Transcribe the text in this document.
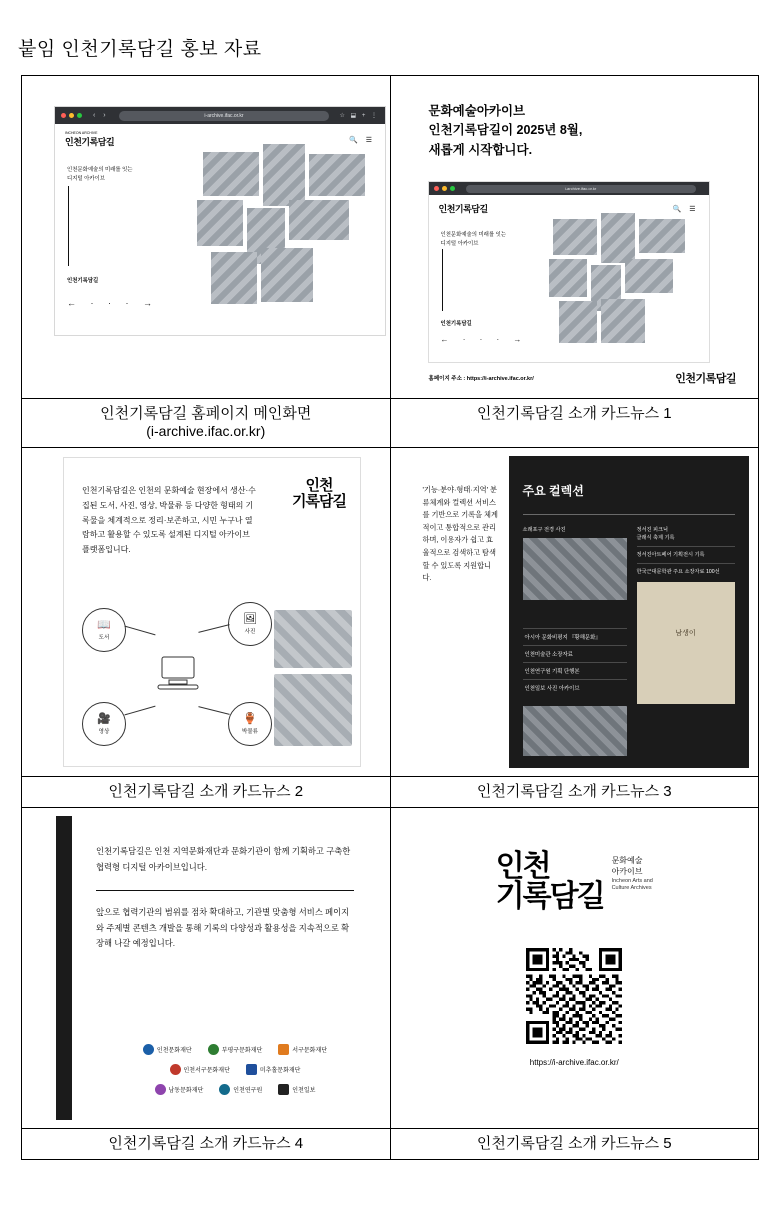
붙임 인천기록담길 홍보 자료
‹ ›	i-archive.ifac.or.kr	☆ ⬓ + ⋮
INCHEON ARCHIVE
인천기록담길	🔍 ☰
인천문화예술의 미래를 잇는
디지털 아카이브
인천기록담길
← · · · →
인천기록담길 홈페이지 메인화면
(i-archive.ifac.or.kr)

문화예술아카이브
인천기록담길이 2025년 8월,
새롭게 시작합니다.
i-archive.ifac.or.kr
인천기록담길	🔍 ☰
인천문화예술의 미래를 잇는
디지털 아카이브
인천기록담길
← · · · →
홈페이지 주소 : https://i-archive.ifac.or.kr/	인천기록담길
인천기록담길 소개 카드뉴스 1

인천기록담길은 인천의 문화예술 현장에서 생산·수집된 도서, 사진, 영상, 박물류 등 다양한 형태의 기록물을 체계적으로 정리·보존하고, 시민 누구나 열람하고 활용할 수 있도록 설계된 디지털 아카이브 플랫폼입니다.
인천
기록담길
📖
도서
🖼
사진
🎥
영상
🏺
박물류
인천기록담길 소개 카드뉴스 2

'기능·분야·형태·지역' 분류체계와 컬렉션 서비스를 기반으로 기록을 체계적이고 통합적으로 관리하며, 이용자가 쉽고 효율적으로 검색하고 탐색할 수 있도록 지원합니다.
주요 컬렉션
소래포구 전경 사진
아시아 문화비평지 『황해문화』
인천미술관 소장자료
인천연구원 기획 단행본
인천일보 사진 아카이브
정서진 피크닉
클래식 축제 기록
정서진아트페어 기획전시 기록
한국근대문학관 주요 소장자료 100선
남생이
인천기록담길 소개 카드뉴스 3

인천기록담길은 인천 지역문화재단과 문화기관이 함께 기획하고 구축한 협력형 디지털 아카이브입니다.
앞으로 협력기관의 범위를 점차 확대하고, 기관별 맞춤형 서비스 페이지와 주제별 콘텐츠 개발을 통해 기록의 다양성과 활용성을 지속적으로 확장해 나갈 예정입니다.
인천문화재단	부평구문화재단	서구문화재단
인천서구문화재단	미추홀문화재단
남동문화재단	인천연구원	인천일보
인천기록담길 소개 카드뉴스 4

인천
기록담길
문화예술
아카이브
Incheon Arts and
Culture Archives
https://i-archive.ifac.or.kr/
인천기록담길 소개 카드뉴스 5
